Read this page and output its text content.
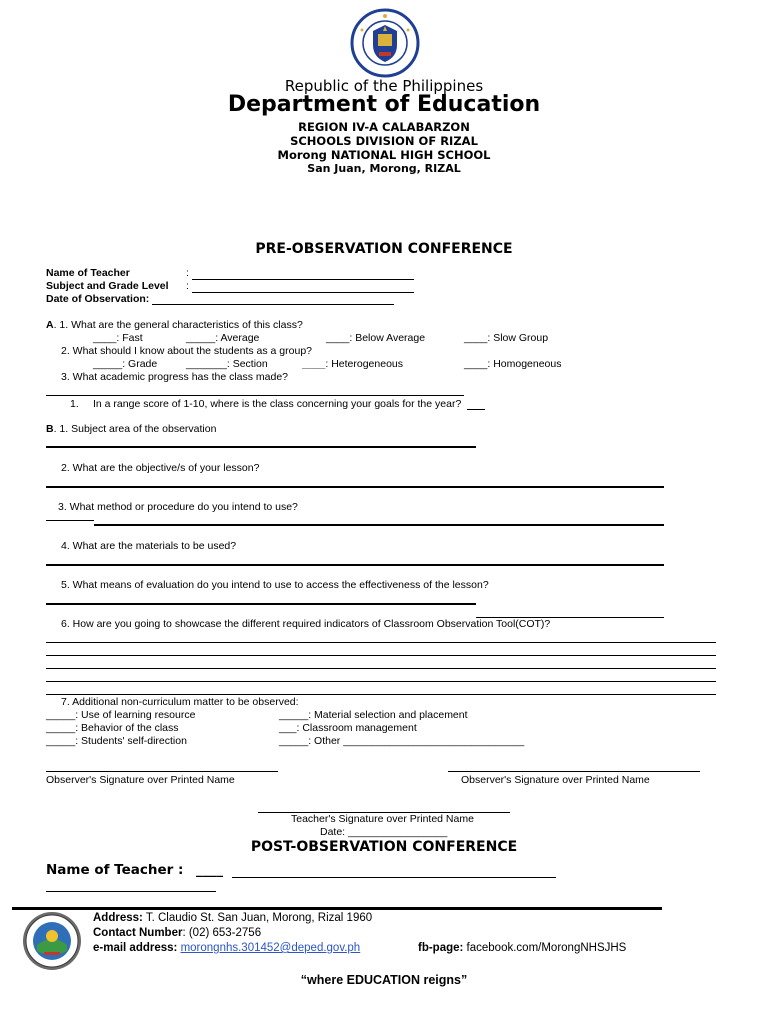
Republic of the Philippines
Department of Education
REGION IV-A CALABARZON
SCHOOLS DIVISION OF RIZAL
Morong NATIONAL HIGH SCHOOL
San Juan, Morong, RIZAL
PRE-OBSERVATION CONFERENCE
Name of Teacher	:
Subject and Grade Level :
Date of Observation:
A. 1. What are the general characteristics of this class?
____: Fast	_____: Average	____: Below Average	____: Slow Group
2. What should I know about the students as a group?
_____: Grade	_______: Section	____: Heterogeneous	____: Homogeneous
3. What academic progress has the class made?
1. In a range score of 1-10, where is the class concerning your goals for the year?
B. 1. Subject area of the observation
2. What are the objective/s of your lesson?
3. What method or procedure do you intend to use?
4. What are the materials to be used?
5. What means of evaluation do you intend to use to access the effectiveness of the lesson?
6. How are you going to showcase the different required indicators of Classroom Observation Tool(COT)?
7. Additional non-curriculum matter to be observed:
_____: Use of learning resource	_____: Material selection and placement
_____: Behavior of the class	___: Classroom management
_____: Students' self-direction	_____: Other _______________________________
Observer's Signature over Printed Name	Observer's Signature over Printed Name
Teacher's Signature over Printed Name
Date: _________________
POST-OBSERVATION CONFERENCE
Name of Teacher : ____
Address: T. Claudio St. San Juan, Morong, Rizal 1960
Contact Number: (02) 653-2756
e-mail address: morongnhs.301452@deped.gov.ph	fb-page: facebook.com/MorongNHSJHS
“where EDUCATION reigns”
